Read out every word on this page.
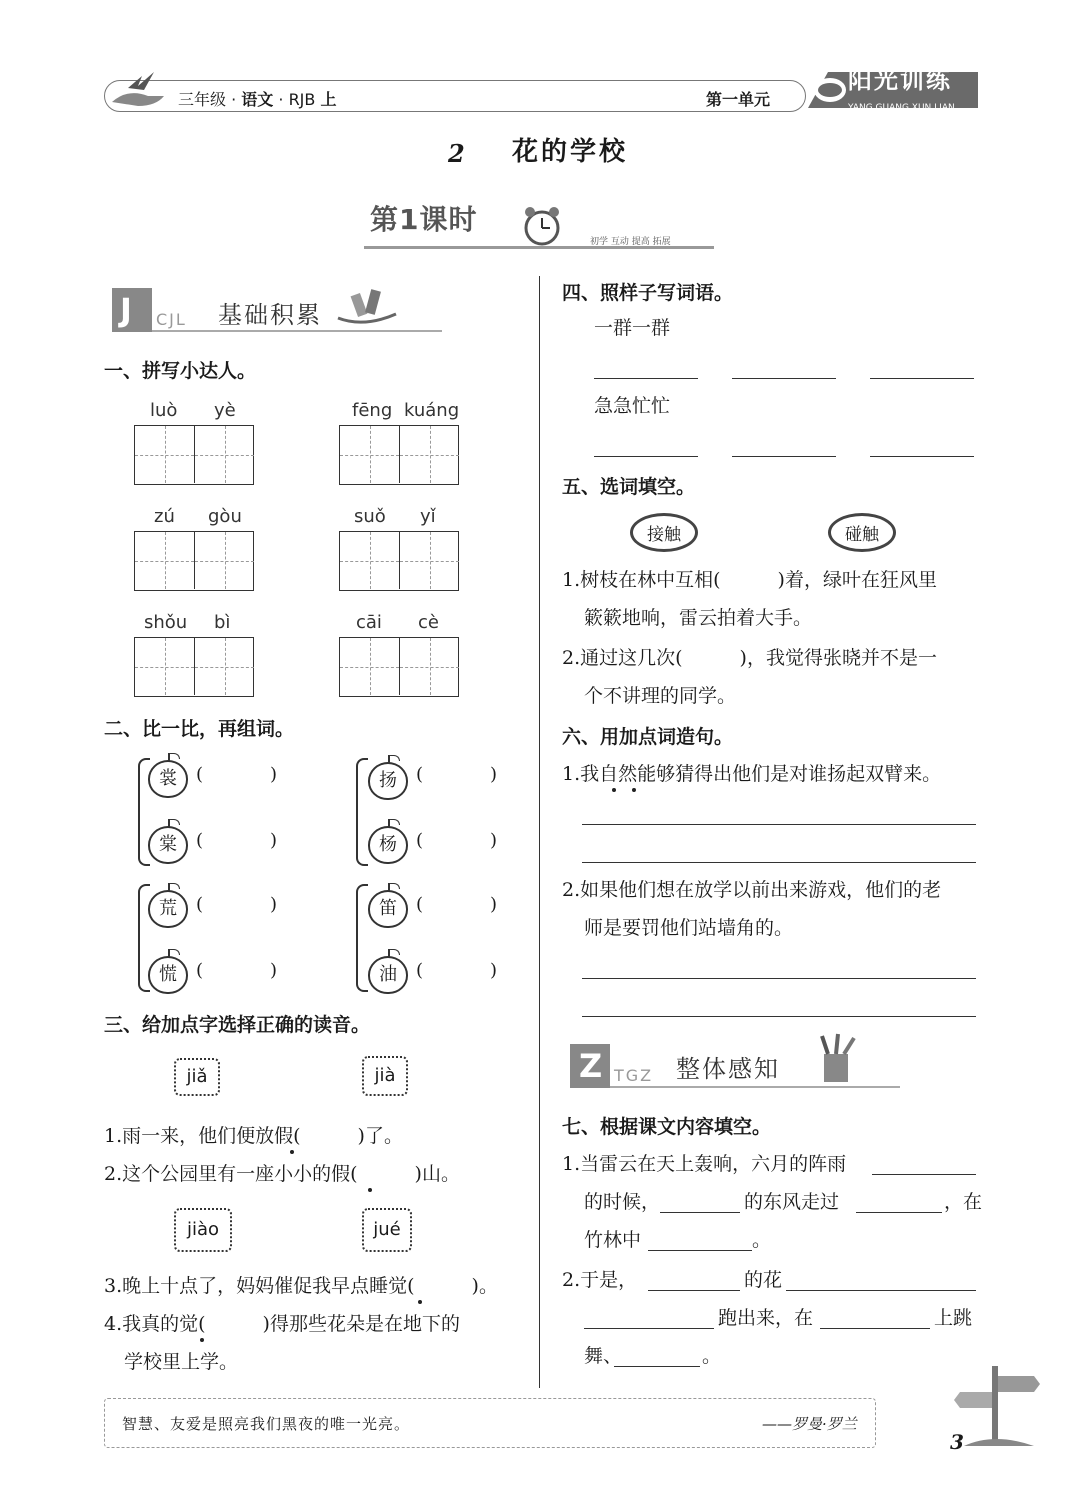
三年级 · 语文 · RJB 上	第一单元
阳光训练
YANG GUANG XUN LIAN
2 花的学校
第1课时
初学 互动 提高 拓展
J CJL 基础积累
一、拼写小达人。
luò yè	fēng kuáng
zú gòu	suǒ yǐ
shǒu bì	cāi cè
二、比一比，再组词。
裳	(	)	扬	(	)
棠	(	)	杨	(	)
荒	(	)	笛	(	)
慌	(	)	油	(	)
三、给加点字选择正确的读音。
jiǎ	jià
1.雨一来，他们便放假(　　　)了。
2.这个公园里有一座小小的假(　　　)山。
jiào	jué
3.晚上十点了，妈妈催促我早点睡觉(　　　)。
4.我真的觉(　　　)得那些花朵是在地下的
学校里上学。
四、照样子写词语。
一群一群
急急忙忙
五、选词填空。
接触	碰触
1.树枝在林中互相(　　　)着，绿叶在狂风里
簌簌地响，雷云拍着大手。
2.通过这几次(　　　)，我觉得张晓并不是一
个不讲理的同学。
六、用加点词造句。
1.我自然能够猜得出他们是对谁扬起双臂来。
2.如果他们想在放学以前出来游戏，他们的老
师是要罚他们站墙角的。
Z TGZ 整体感知
七、根据课文内容填空。
1.当雷云在天上轰响，六月的阵雨
的时候，	的东风走过	，在
竹林中	。
2.于是，	的花
跑出来，在	上跳
舞、	。
智慧、友爱是照亮我们黑夜的唯一光亮。	——罗曼·罗兰
3
